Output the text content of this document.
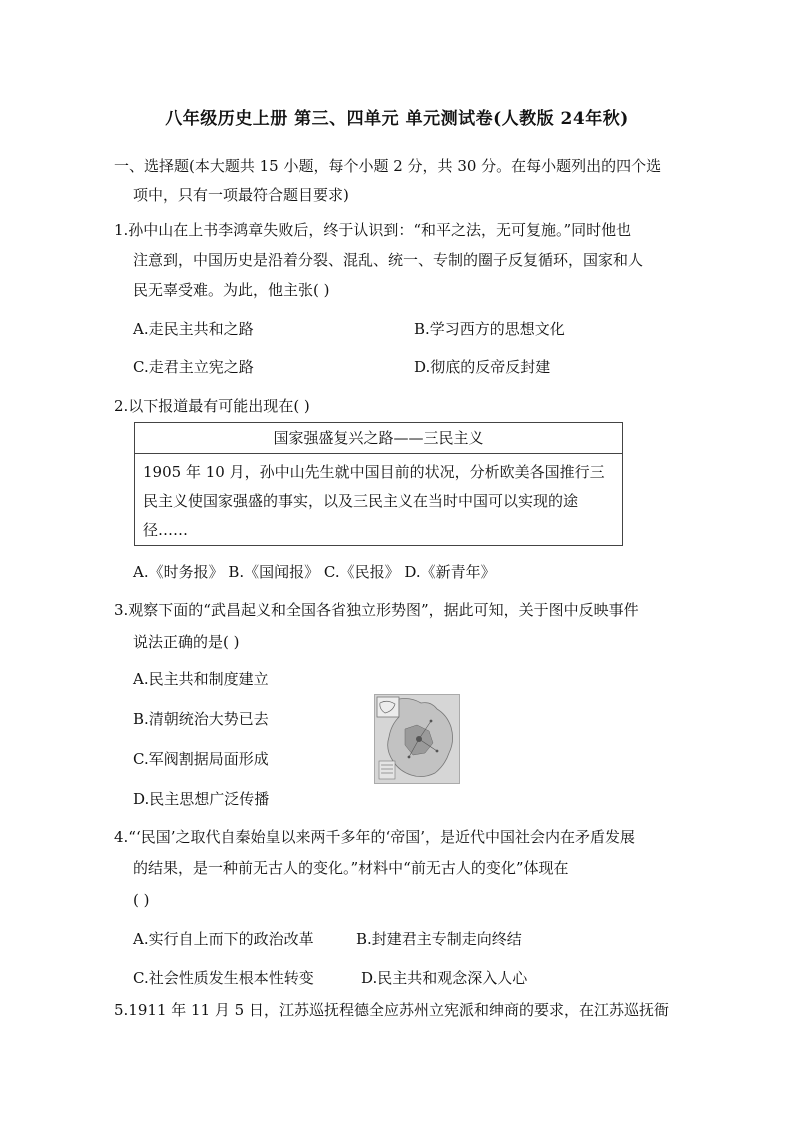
八年级历史上册 第三、四单元 单元测试卷(人教版 24年秋)
一、选择题(本大题共 15 小题，每个小题 2 分，共 30 分。在每小题列出的四个选
项中，只有一项最符合题目要求)
1.孙中山在上书李鸿章失败后，终于认识到：“和平之法，无可复施。”同时他也
注意到，中国历史是沿着分裂、混乱、统一、专制的圈子反复循环，国家和人
民无辜受难。为此，他主张( )
A.走民主共和之路	B.学习西方的思想文化
C.走君主立宪之路	D.彻底的反帝反封建
2.以下报道最有可能出现在( )
国家强盛复兴之路——三民主义
1905 年 10 月，孙中山先生就中国目前的状况，分析欧美各国推行三
民主义使国家强盛的事实，以及三民主义在当时中国可以实现的途
径……
A.《时务报》 B.《国闻报》 C.《民报》 D.《新青年》
3.观察下面的“武昌起义和全国各省独立形势图”，据此可知，关于图中反映事件
说法正确的是( )
A.民主共和制度建立
B.清朝统治大势已去
C.军阀割据局面形成
D.民主思想广泛传播
4.“‘民国’之取代自秦始皇以来两千多年的‘帝国’，是近代中国社会内在矛盾发展
的结果，是一种前无古人的变化。”材料中“前无古人的变化”体现在
( )
A.实行自上而下的政治改革	B.封建君主专制走向终结
C.社会性质发生根本性转变	D.民主共和观念深入人心
5.1911 年 11 月 5 日，江苏巡抚程德全应苏州立宪派和绅商的要求，在江苏巡抚衙
